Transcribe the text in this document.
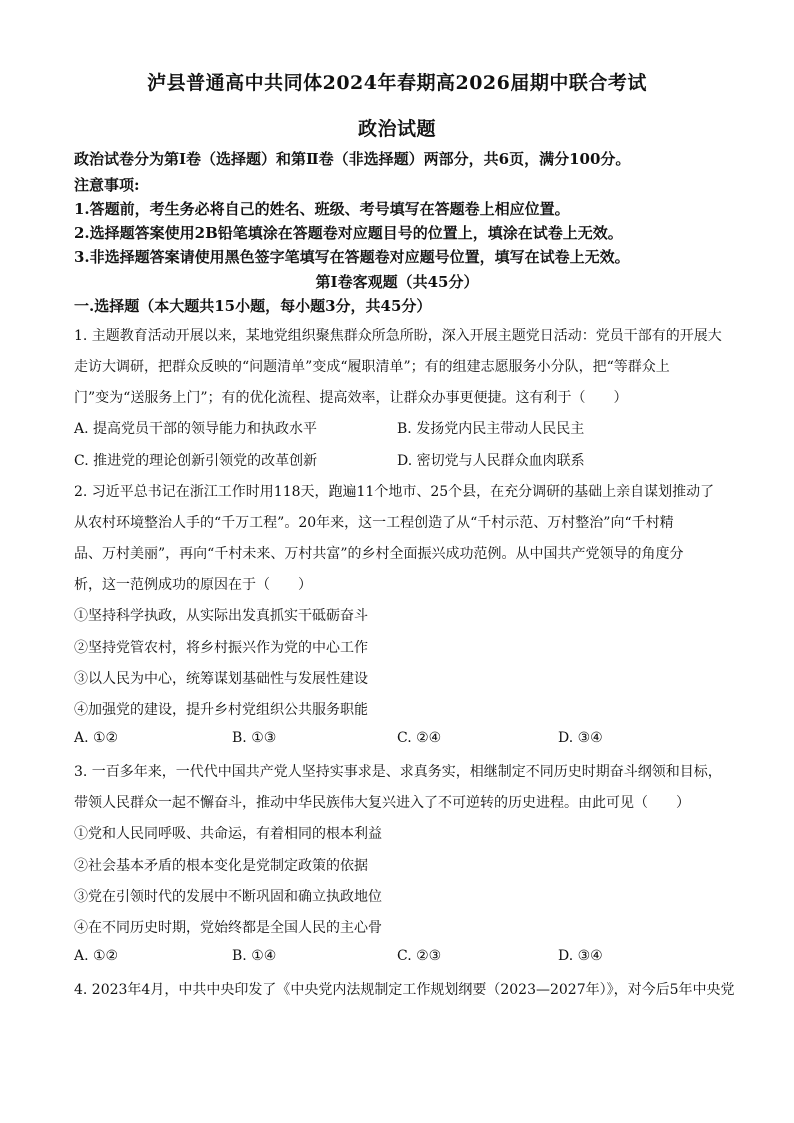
泸县普通高中共同体2024年春期高2026届期中联合考试
政治试题
政治试卷分为第Ⅰ卷（选择题）和第Ⅱ卷（非选择题）两部分，共6页，满分100分。
注意事项:
1.答题前，考生务必将自己的姓名、班级、考号填写在答题卷上相应位置。
2.选择题答案使用2B铅笔填涂在答题卷对应题目号的位置上，填涂在试卷上无效。
3.非选择题答案请使用黑色签字笔填写在答题卷对应题号位置，填写在试卷上无效。
第Ⅰ卷客观题（共45分）
一.选择题（本大题共15小题，每小题3分，共45分）
1. 主题教育活动开展以来，某地党组织聚焦群众所急所盼，深入开展主题党日活动：党员干部有的开展大
走访大调研，把群众反映的“问题清单”变成“履职清单”；有的组建志愿服务小分队，把“等群众上
门”变为“送服务上门”；有的优化流程、提高效率，让群众办事更便捷。这有利于（　　）
A. 提高党员干部的领导能力和执政水平	B. 发扬党内民主带动人民民主
C. 推进党的理论创新引领党的改革创新	D. 密切党与人民群众血肉联系
2. 习近平总书记在浙江工作时用118天，跑遍11个地市、25个县，在充分调研的基础上亲自谋划推动了
从农村环境整治人手的“千万工程”。20年来，这一工程创造了从“千村示范、万村整治”向“千村精
品、万村美丽”，再向“千村未来、万村共富”的乡村全面振兴成功范例。从中国共产党领导的角度分
析，这一范例成功的原因在于（　　）
①坚持科学执政，从实际出发真抓实干砥砺奋斗
②坚持党管农村，将乡村振兴作为党的中心工作
③以人民为中心，统筹谋划基础性与发展性建设
④加强党的建设，提升乡村党组织公共服务职能
A. ①②	B. ①③	C. ②④	D. ③④
3. 一百多年来，一代代中国共产党人坚持实事求是、求真务实，相继制定不同历史时期奋斗纲领和目标，
带领人民群众一起不懈奋斗，推动中华民族伟大复兴进入了不可逆转的历史进程。由此可见（　　）
①党和人民同呼吸、共命运，有着相同的根本利益
②社会基本矛盾的根本变化是党制定政策的依据
③党在引领时代的发展中不断巩固和确立执政地位
④在不同历史时期，党始终都是全国人民的主心骨
A. ①②	B. ①④	C. ②③	D. ③④
4. 2023年4月，中共中央印发了《中央党内法规制定工作规划纲要（2023—2027年）》，对今后5年中央党
